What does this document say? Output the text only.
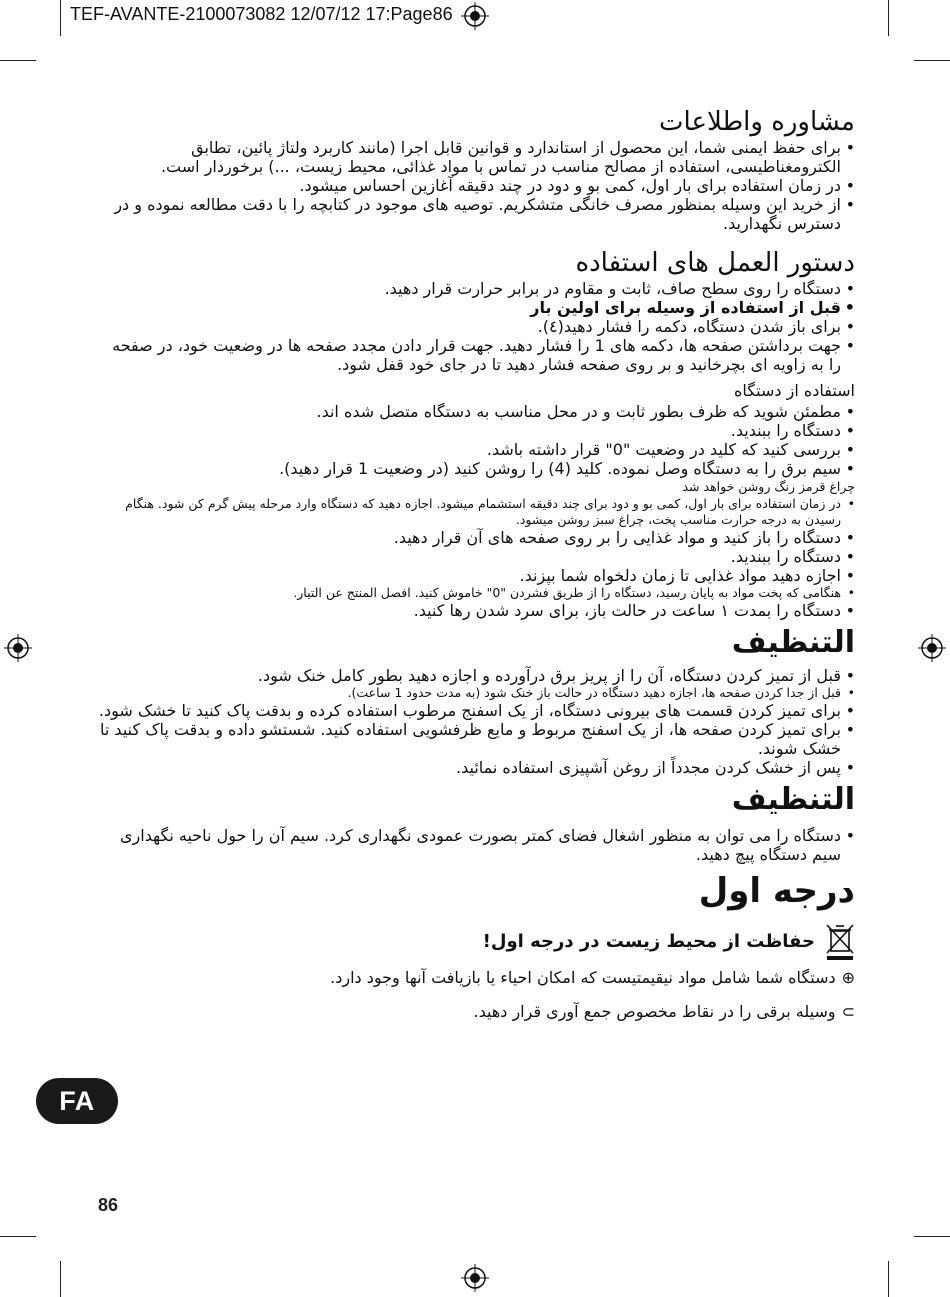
TEF-AVANTE-2100073082 12/07/12 17:Page86
مشاوره واطلاعات
• برای حفظ ایمنی شما، این محصول از استاندارد و قوانین قابل اجرا (مانند کاربرد ولتاژ پائین، تطابق الکترومغناطیسی، استفاده از مصالح مناسب در تماس با مواد غذائی، محیط زیست، ...) برخوردار است.
• در زمان استفاده برای بار اول، کمی بو و دود در چند دقیقه آغازین احساس میشود.
• از خرید این وسیله بمنظور مصرف خانگی متشکریم. توصیه های موجود در کتابچه را با دقت مطالعه نموده و در دسترس نگهدارید.
دستور العمل های استفاده
• دستگاه را روی سطح صاف، ثابت و مقاوم در برابر حرارت قرار دهید.
• قبل از استفاده از وسیله برای اولین بار
• برای باز شدن دستگاه، دکمه را فشار دهید(٤).
• جهت برداشتن صفحه ها، دکمه های 1 را فشار دهید. جهت قرار دادن مجدد صفحه ها در وضعیت خود، در صفحه را به زاویه ای بچرخانید و بر روی صفحه فشار دهید تا در جای خود قفل شود.
استفاده از دستگاه
• مطمئن شوید که ظرف بطور ثابت و در محل مناسب به دستگاه متصل شده اند.
• دستگاه را ببندید.
• بررسی کنید که کلید در وضعیت "0" قرار داشته باشد.
• سیم برق را به دستگاه وصل نموده. کلید (4) را روشن کنید (در وضعیت 1 قرار دهید).
چراغ قرمز رنگ روشن خواهد شد
• در زمان استفاده برای بار اول، کمی بو و دود برای چند دقیقه استشمام میشود. اجازه دهید که دستگاه وارد مرحله پیش گرم کن شود. هنگام رسیدن به درجه حرارت مناسب پخت، چراغ سبز روشن میشود.
• دستگاه را باز کنید و مواد غذایی را بر روی صفحه های آن قرار دهید.
• دستگاه را ببندید.
• اجازه دهید مواد غذایی تا زمان دلخواه شما بپزند.
• هنگامی که پخت مواد به پایان رسید، دستگاه را از طریق فشردن "0" خاموش کنید. افصل المنتج عن التيار.
• دستگاه را بمدت ١ ساعت در حالت باز، برای سرد شدن رها کنید.
التنظيف
• قبل از تمیز کردن دستگاه، آن را از پریز برق درآورده و اجازه دهید بطور کامل خنک شود.
• قبل از جدا کردن صفحه ها، اجازه دهید دستگاه در حالت باز خنک شود (به مدت حدود 1 ساعت).
• برای تمیز کردن قسمت های بیرونی دستگاه، از یک اسفنج مرطوب استفاده کرده و بدقت پاک کنید تا خشک شود.
• برای تمیز کردن صفحه ها، از یک اسفنج مربوط و مایع ظرفشویی استفاده کنید. شستشو داده و بدقت پاک کنید تا خشک شوند.
• پس از خشک کردن مجدداً از روغن آشپیزی استفاده نمائید.
التنظيف
• دستگاه را می توان به منظور اشغال فضای کمتر بصورت عمودی نگهداری کرد. سیم آن را حول ناحیه نگهداری سیم دستگاه پیچ دهید.
درجه اول
حفاظت از محیط زیست در درجه اول!
⊕
دستگاه شما شامل مواد نیقیمتیست که امکان احیاء یا بازیافت آنها وجود دارد.
⊃
وسیله برقی را در نقاط مخصوص جمع آوری قرار دهید.
FA
86
